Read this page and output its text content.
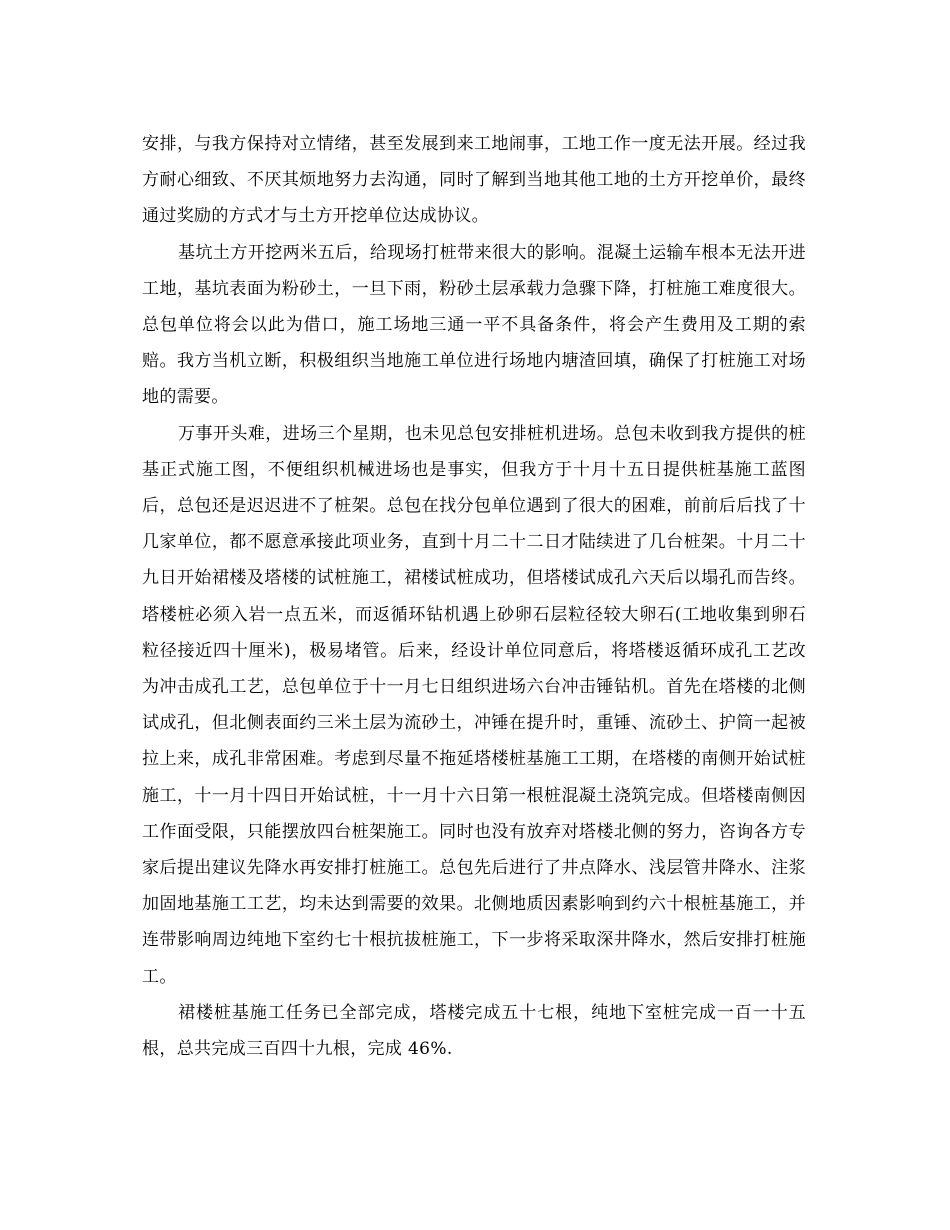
安排，与我方保持对立情绪，甚至发展到来工地闹事，工地工作一度无法开展。经过我方耐心细致、不厌其烦地努力去沟通，同时了解到当地其他工地的土方开挖单价，最终通过奖励的方式才与土方开挖单位达成协议。

基坑土方开挖两米五后，给现场打桩带来很大的影响。混凝土运输车根本无法开进工地，基坑表面为粉砂土，一旦下雨，粉砂土层承载力急骤下降，打桩施工难度很大。总包单位将会以此为借口，施工场地三通一平不具备条件，将会产生费用及工期的索赔。我方当机立断，积极组织当地施工单位进行场地内塘渣回填，确保了打桩施工对场地的需要。

万事开头难，进场三个星期，也未见总包安排桩机进场。总包未收到我方提供的桩基正式施工图，不便组织机械进场也是事实，但我方于十月十五日提供桩基施工蓝图后，总包还是迟迟进不了桩架。总包在找分包单位遇到了很大的困难，前前后后找了十几家单位，都不愿意承接此项业务，直到十月二十二日才陆续进了几台桩架。十月二十九日开始裙楼及塔楼的试桩施工，裙楼试桩成功，但塔楼试成孔六天后以塌孔而告终。塔楼桩必须入岩一点五米，而返循环钻机遇上砂卵石层粒径较大卵石(工地收集到卵石粒径接近四十厘米)，极易堵管。后来，经设计单位同意后，将塔楼返循环成孔工艺改为冲击成孔工艺，总包单位于十一月七日组织进场六台冲击锤钻机。首先在塔楼的北侧试成孔，但北侧表面约三米土层为流砂土，冲锤在提升时，重锤、流砂土、护筒一起被拉上来，成孔非常困难。考虑到尽量不拖延塔楼桩基施工工期，在塔楼的南侧开始试桩施工，十一月十四日开始试桩，十一月十六日第一根桩混凝土浇筑完成。但塔楼南侧因工作面受限，只能摆放四台桩架施工。同时也没有放弃对塔楼北侧的努力，咨询各方专家后提出建议先降水再安排打桩施工。总包先后进行了井点降水、浅层管井降水、注浆加固地基施工工艺，均未达到需要的效果。北侧地质因素影响到约六十根桩基施工，并连带影响周边纯地下室约七十根抗拔桩施工，下一步将采取深井降水，然后安排打桩施工。

裙楼桩基施工任务已全部完成，塔楼完成五十七根，纯地下室桩完成一百一十五根，总共完成三百四十九根，完成 46%.
